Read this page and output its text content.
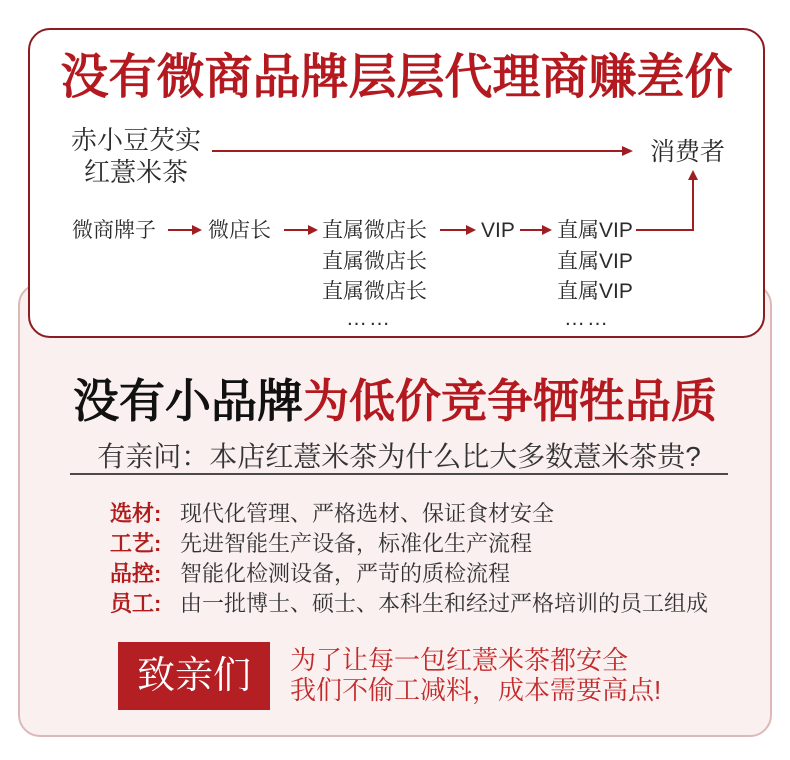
没有微商品牌层层代理商赚差价
赤小豆芡实
红薏米茶
消费者
微商牌子 微店长 直属微店长	VIP 直属VIP
直属微店长
直属微店长
……
直属VIP
直属VIP
……
没有小品牌为低价竞争牺牲品质
有亲问：本店红薏米茶为什么比大多数薏米茶贵?
选材: 现代化管理、严格选材、保证食材安全
工艺: 先进智能生产设备，标准化生产流程
品控: 智能化检测设备，严苛的质检流程
员工: 由一批博士、硕士、本科生和经过严格培训的员工组成
致亲们	为了让每一包红薏米茶都安全
我们不偷工减料，成本需要高点!
